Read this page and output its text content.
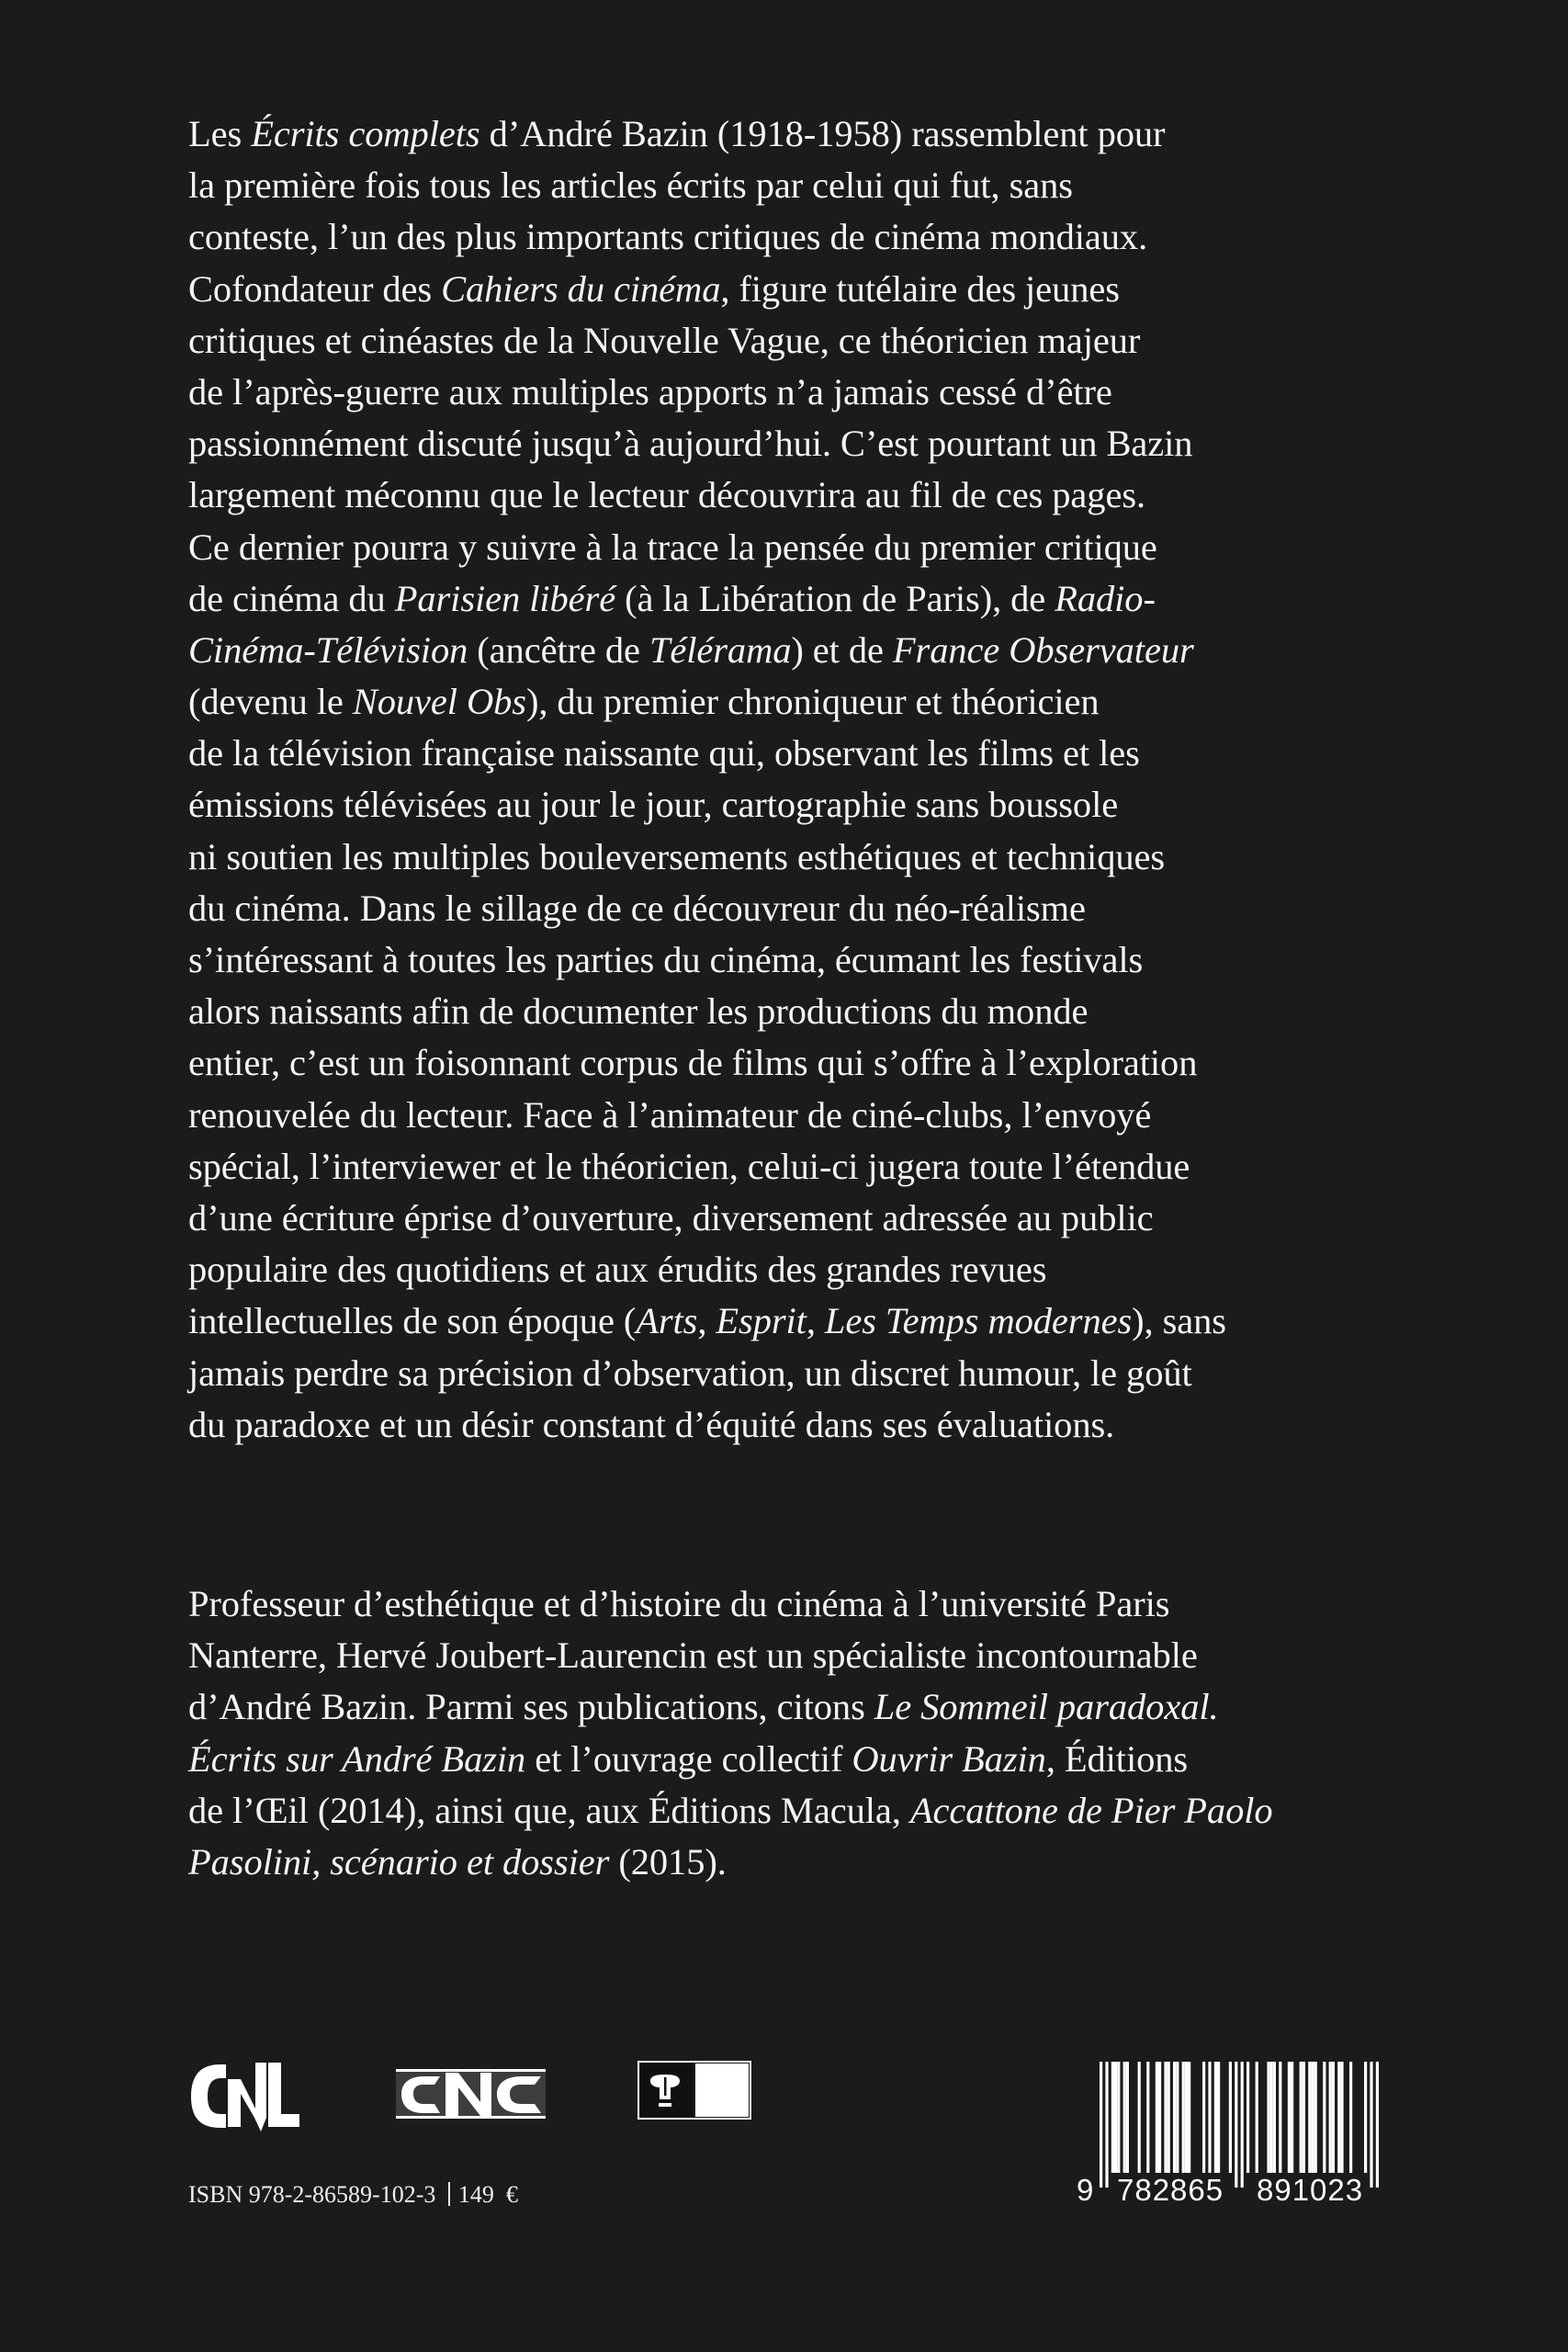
Les Écrits complets d’André Bazin (1918-1958) rassemblent pour
la première fois tous les articles écrits par celui qui fut, sans
conteste, l’un des plus importants critiques de cinéma mondiaux.
Cofondateur des Cahiers du cinéma, figure tutélaire des jeunes
critiques et cinéastes de la Nouvelle Vague, ce théoricien majeur
de l’après-guerre aux multiples apports n’a jamais cessé d’être
passionnément discuté jusqu’à aujourd’hui. C’est pourtant un Bazin
largement méconnu que le lecteur découvrira au fil de ces pages.
Ce dernier pourra y suivre à la trace la pensée du premier critique
de cinéma du Parisien libéré (à la Libération de Paris), de Radio-
Cinéma-Télévision (ancêtre de Télérama) et de France Observateur
(devenu le Nouvel Obs), du premier chroniqueur et théoricien
de la télévision française naissante qui, observant les films et les
émissions télévisées au jour le jour, cartographie sans boussole
ni soutien les multiples bouleversements esthétiques et techniques
du cinéma. Dans le sillage de ce découvreur du néo-réalisme
s’intéressant à toutes les parties du cinéma, écumant les festivals
alors naissants afin de documenter les productions du monde
entier, c’est un foisonnant corpus de films qui s’offre à l’exploration
renouvelée du lecteur. Face à l’animateur de ciné-clubs, l’envoyé
spécial, l’interviewer et le théoricien, celui-ci jugera toute l’étendue
d’une écriture éprise d’ouverture, diversement adressée au public
populaire des quotidiens et aux érudits des grandes revues
intellectuelles de son époque (Arts, Esprit, Les Temps modernes), sans
jamais perdre sa précision d’observation, un discret humour, le goût
du paradoxe et un désir constant d’équité dans ses évaluations.
Professeur d’esthétique et d’histoire du cinéma à l’université Paris
Nanterre, Hervé Joubert-Laurencin est un spécialiste incontournable
d’André Bazin. Parmi ses publications, citons Le Sommeil paradoxal.
Écrits sur André Bazin et l’ouvrage collectif Ouvrir Bazin, Éditions
de l’Œil (2014), ainsi que, aux Éditions Macula, Accattone de Pier Paolo
Pasolini, scénario et dossier (2015).
ISBN 978-2-86589-102-3 149  €	9 782865 891023
